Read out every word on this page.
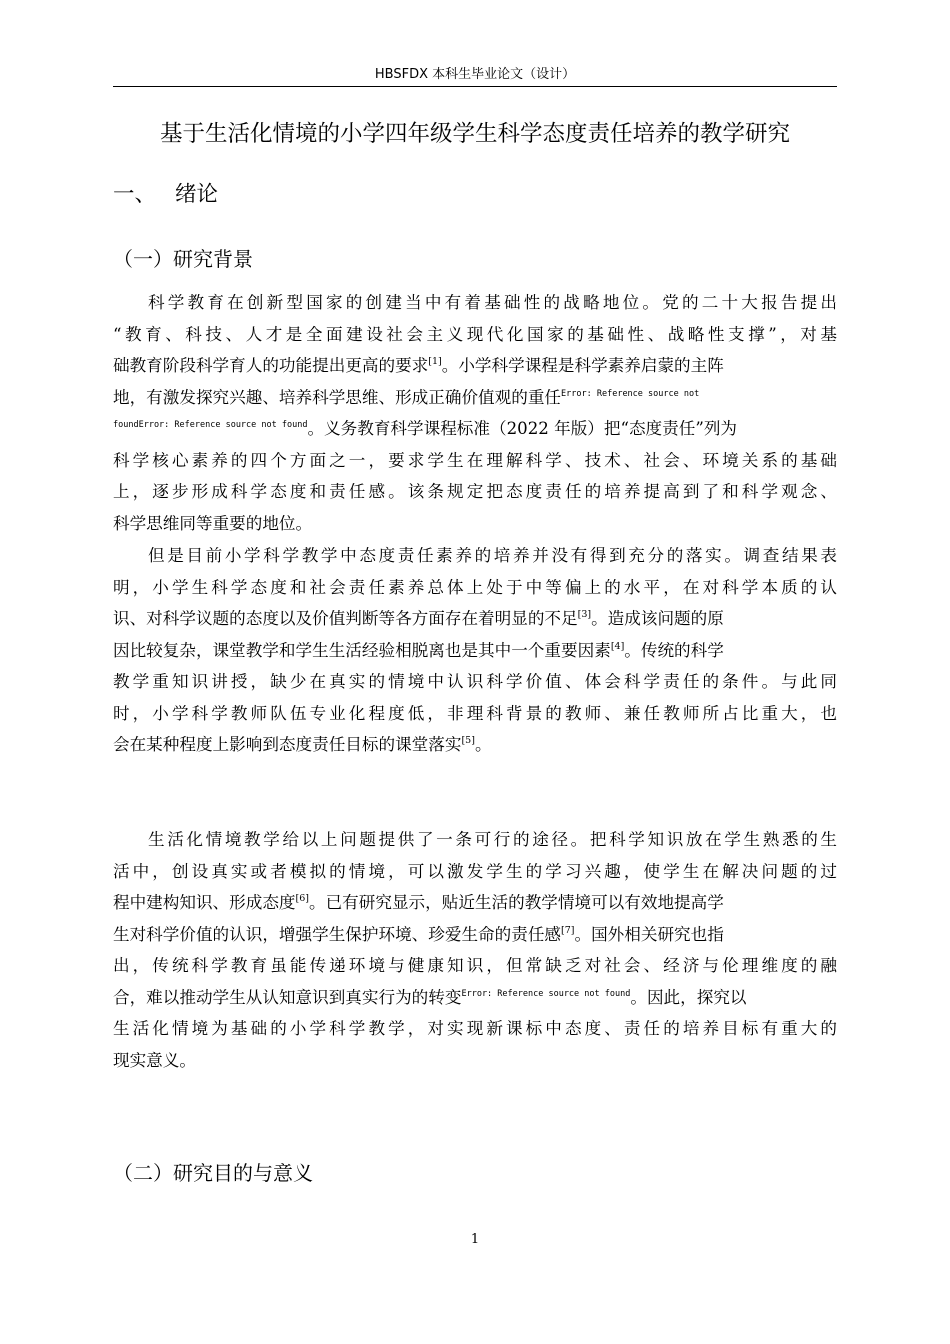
HBSFDX 本科生毕业论文（设计）
基于生活化情境的小学四年级学生科学态度责任培养的教学研究
一、 绪论
（一）研究背景
科学教育在创新型国家的创建当中有着基础性的战略地位。党的二十大报告提出
“教育、科技、人才是全面建设社会主义现代化国家的基础性、战略性支撑”，对基
础教育阶段科学育人的功能提出更高的要求[1]。小学科学课程是科学素养启蒙的主阵
地，有激发探究兴趣、培养科学思维、形成正确价值观的重任$^{Error: Reference source not}$
$^{foundError: Reference source not found}$。义务教育科学课程标准（2022 年版）把“态度责任”列为
科学核心素养的四个方面之一，要求学生在理解科学、技术、社会、环境关系的基础
上，逐步形成科学态度和责任感。该条规定把态度责任的培养提高到了和科学观念、
科学思维同等重要的地位。
但是目前小学科学教学中态度责任素养的培养并没有得到充分的落实。调查结果表
明，小学生科学态度和社会责任素养总体上处于中等偏上的水平，在对科学本质的认
识、对科学议题的态度以及价值判断等各方面存在着明显的不足[3]。造成该问题的原
因比较复杂，课堂教学和学生生活经验相脱离也是其中一个重要因素[4]。传统的科学
教学重知识讲授，缺少在真实的情境中认识科学价值、体会科学责任的条件。与此同
时，小学科学教师队伍专业化程度低，非理科背景的教师、兼任教师所占比重大，也
会在某种程度上影响到态度责任目标的课堂落实[5]。
生活化情境教学给以上问题提供了一条可行的途径。把科学知识放在学生熟悉的生
活中，创设真实或者模拟的情境，可以激发学生的学习兴趣，使学生在解决问题的过
程中建构知识、形成态度[6]。已有研究显示，贴近生活的教学情境可以有效地提高学
生对科学价值的认识，增强学生保护环境、珍爱生命的责任感[7]。国外相关研究也指
出，传统科学教育虽能传递环境与健康知识，但常缺乏对社会、经济与伦理维度的融
合，难以推动学生从认知意识到真实行为的转变$^{Error: Reference source not found}$。因此，探究以
生活化情境为基础的小学科学教学，对实现新课标中态度、责任的培养目标有重大的
现实意义。
（二）研究目的与意义
1
